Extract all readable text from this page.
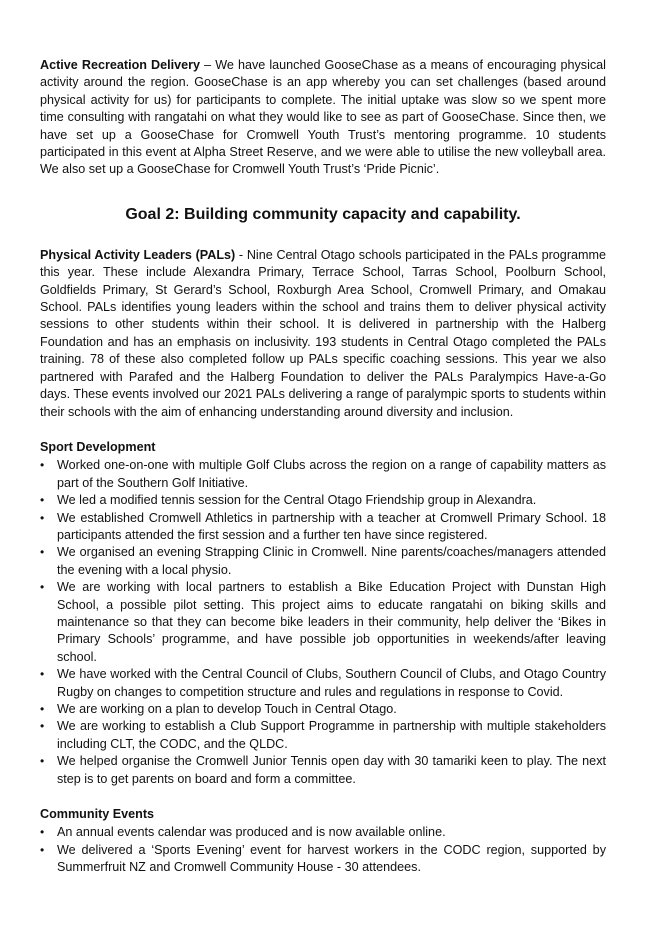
Active Recreation Delivery – We have launched GooseChase as a means of encouraging physical activity around the region. GooseChase is an app whereby you can set challenges (based around physical activity for us) for participants to complete. The initial uptake was slow so we spent more time consulting with rangatahi on what they would like to see as part of GooseChase. Since then, we have set up a GooseChase for Cromwell Youth Trust’s mentoring programme. 10 students participated in this event at Alpha Street Reserve, and we were able to utilise the new volleyball area. We also set up a GooseChase for Cromwell Youth Trust’s ‘Pride Picnic’.

Goal 2: Building community capacity and capability.

Physical Activity Leaders (PALs) - Nine Central Otago schools participated in the PALs programme this year. These include Alexandra Primary, Terrace School, Tarras School, Poolburn School, Goldfields Primary, St Gerard’s School, Roxburgh Area School, Cromwell Primary, and Omakau School. PALs identifies young leaders within the school and trains them to deliver physical activity sessions to other students within their school. It is delivered in partnership with the Halberg Foundation and has an emphasis on inclusivity. 193 students in Central Otago completed the PALs training. 78 of these also completed follow up PALs specific coaching sessions. This year we also partnered with Parafed and the Halberg Foundation to deliver the PALs Paralympics Have-a-Go days. These events involved our 2021 PALs delivering a range of paralympic sports to students within their schools with the aim of enhancing understanding around diversity and inclusion.

Sport Development
• Worked one-on-one with multiple Golf Clubs across the region on a range of capability matters as part of the Southern Golf Initiative.
• We led a modified tennis session for the Central Otago Friendship group in Alexandra.
• We established Cromwell Athletics in partnership with a teacher at Cromwell Primary School. 18 participants attended the first session and a further ten have since registered.
• We organised an evening Strapping Clinic in Cromwell. Nine parents/coaches/managers attended the evening with a local physio.
• We are working with local partners to establish a Bike Education Project with Dunstan High School, a possible pilot setting. This project aims to educate rangatahi on biking skills and maintenance so that they can become bike leaders in their community, help deliver the ‘Bikes in Primary Schools’ programme, and have possible job opportunities in weekends/after leaving school.
• We have worked with the Central Council of Clubs, Southern Council of Clubs, and Otago Country Rugby on changes to competition structure and rules and regulations in response to Covid.
• We are working on a plan to develop Touch in Central Otago.
• We are working to establish a Club Support Programme in partnership with multiple stakeholders including CLT, the CODC, and the QLDC.
• We helped organise the Cromwell Junior Tennis open day with 30 tamariki keen to play. The next step is to get parents on board and form a committee.
Community Events
• An annual events calendar was produced and is now available online.
• We delivered a ‘Sports Evening’ event for harvest workers in the CODC region, supported by Summerfruit NZ and Cromwell Community House - 30 attendees.
